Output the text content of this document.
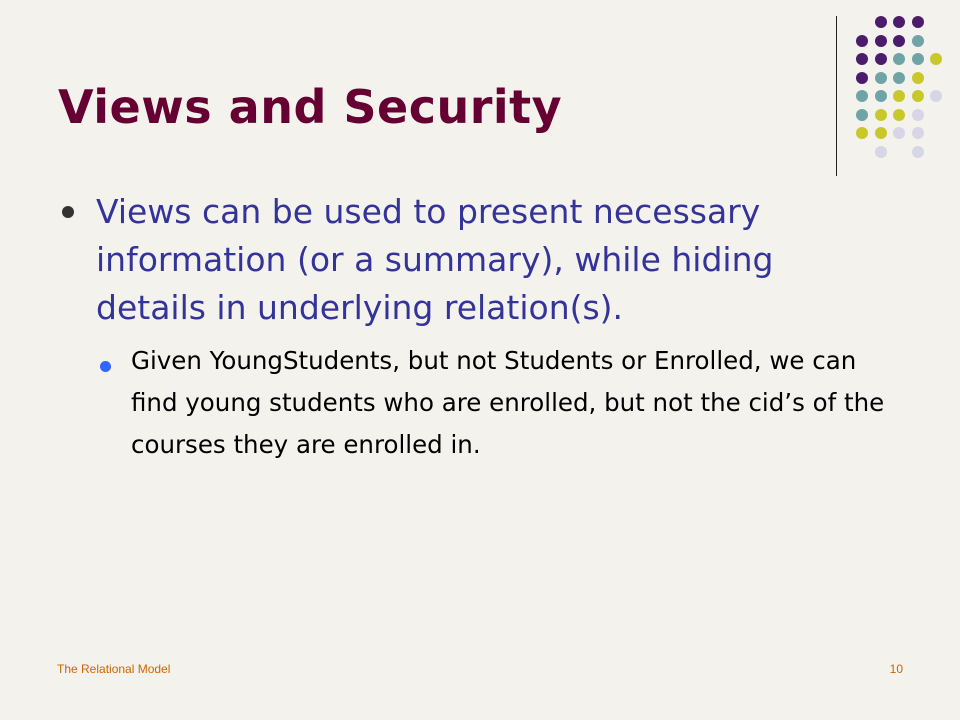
Views and Security

Views can be used to present necessary information (or a summary), while hiding details in underlying relation(s).

Given YoungStudents, but not Students or Enrolled, we can find young students who are enrolled, but not the cid’s of the courses they are enrolled in.

The Relational Model	10
